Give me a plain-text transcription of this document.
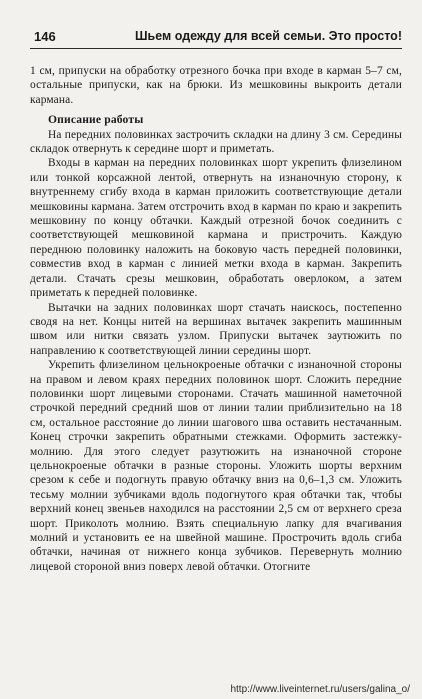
146	Шьем одежду для всей семьи. Это просто!

1 см, припуски на обработку отрезного бочка при входе в карман 5–7 см, остальные припуски, как на брюки. Из мешковины выкроить детали кармана.

Описание работы

На передних половинках застрочить складки на длину 3 см. Середины складок отвернуть к середине шорт и приметать.

Входы в карман на передних половинках шорт укрепить флизелином или тонкой корсажной лентой, отвернуть на изнаночную сторону, к внутреннему сгибу входа в карман приложить соответствующие детали мешковины кармана. Затем отстрочить вход в карман по краю и закрепить мешковину по концу обтачки. Каждый отрезной бочок соединить с соответствующей мешковиной кармана и пристрочить. Каждую переднюю половинку наложить на боковую часть передней половинки, совместив вход в карман с линией метки входа в карман. Закрепить детали. Стачать срезы мешковин, обработать оверлоком, а затем приметать к передней половинке.

Вытачки на задних половинках шорт стачать наискось, постепенно сводя на нет. Концы нитей на вершинах вытачек закрепить машинным швом или нитки связать узлом. Припуски вытачек заутюжить по направлению к соответствующей линии середины шорт.

Укрепить флизелином цельнокроеные обтачки с изнаночной стороны на правом и левом краях передних половинок шорт. Сложить передние половинки шорт лицевыми сторонами. Стачать машинной наметочной строчкой передний средний шов от линии талии приблизительно на 18 см, остальное расстояние до линии шагового шва оставить нестачанным. Конец строчки закрепить обратными стежками. Оформить застежку-молнию. Для этого следует разутюжить на изнаночной стороне цельнокроеные обтачки в разные стороны. Уложить шорты верхним срезом к себе и подогнуть правую обтачку вниз на 0,6–1,3 см. Уложить тесьму молнии зубчиками вдоль подогнутого края обтачки так, чтобы верхний конец звеньев находился на расстоянии 2,5 см от верхнего среза шорт. Приколоть молнию. Взять специальную лапку для вчагивания молний и установить ее на швейной машине. Прострочить вдоль сгиба обтачки, начиная от нижнего конца зубчиков. Перевернуть молнию лицевой стороной вниз поверх левой обтачки. Отогните

http://www.liveinternet.ru/users/galina_o/
